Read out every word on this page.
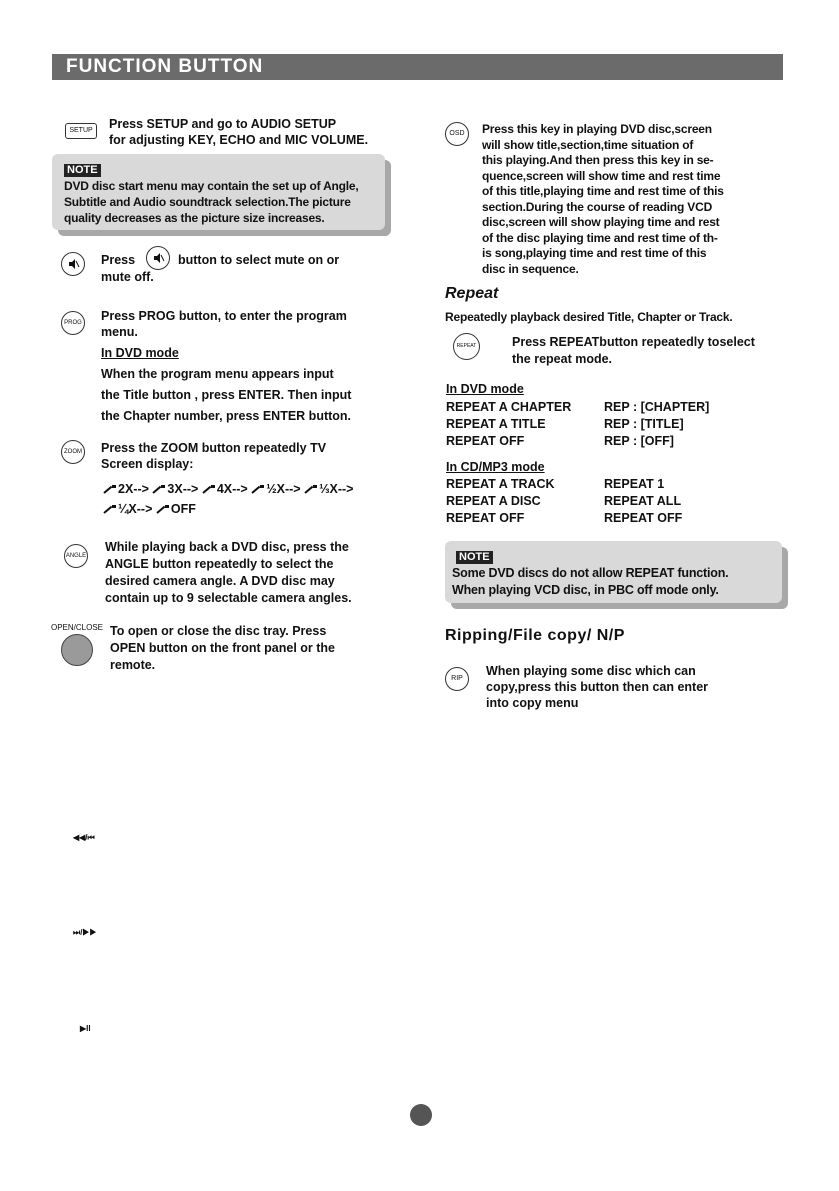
FUNCTION BUTTON
SETUP	Press SETUP and go to AUDIO SETUP
for adjusting KEY, ECHO and MIC VOLUME.
NOTE
DVD disc start menu may contain the set up of Angle,
Subtitle and Audio soundtrack selection.The picture
quality decreases as the picture size increases.
Press	button to select mute on or
mute off.
PROG Press PROG button, to enter the program
menu.
In DVD mode
When the program menu appears input
the Title button , press ENTER. Then input
the Chapter number, press ENTER button.
ZOOM Press the ZOOM button repeatedly TV
Screen display:
2X--> 3X--> 4X--> ½X--> ⅓X-->
¼X--> OFF
ANGLE
While playing back a DVD disc, press the
ANGLE button repeatedly to select the
desired camera angle. A DVD disc may
contain up to 9 selectable camera angles.
OPEN/CLOSE To open or close the disc tray. Press
OPEN button on the front panel or the
remote.
◀◀/⏮
⏭/▶▶
▶II
OSD	Press this key in playing DVD disc,screen
will show title,section,time situation of
this playing.And then press this key in se-
quence,screen will show time and rest time
of this title,playing time and rest time of this
section.During the course of reading VCD
disc,screen will show playing time and rest
of the disc playing time and rest time of th-
is song,playing time and rest time of this
disc in sequence.
Repeat
Repeatedly playback desired Title, Chapter or Track.
REPEAT	Press REPEATbutton repeatedly toselect
the repeat mode.
In DVD mode
REPEAT A CHAPTER	REP : [CHAPTER]
REPEAT A TITLE	REP : [TITLE]
REPEAT OFF	REP : [OFF]
In CD/MP3 mode
REPEAT A TRACK	REPEAT 1
REPEAT A DISC	REPEAT ALL
REPEAT OFF	REPEAT OFF
NOTE
Some DVD discs do not allow REPEAT function.
When playing VCD disc, in PBC off mode only.
Ripping/File copy/ N/P
RIP
When playing some disc which can
copy,press this button then can enter
into copy menu
